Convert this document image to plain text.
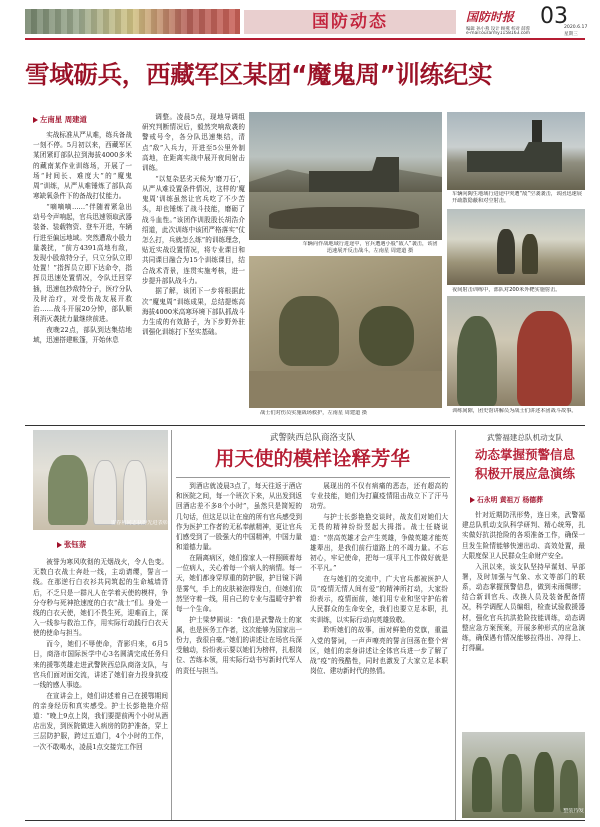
国防动态	国防时报
编辑 孙小燕 设计 顾燕 校对 薛蓉
e-mail:ourarmy1158163.com
03
2020.6.17
星期三
雪域砺兵，西藏军区某团“魔鬼周”训练纪实
左南星 周建道

实战标准从严从难，练兵备战一刻不停。5月初以来，西藏军区某团紧盯部队拉到海拔4000多米的藏南某作业训练场，开展了一场“时间长、难度大”的“魔鬼周”训练，从严从难锤炼了部队高寒缺氧条件下的备战打仗能力。

“嘀嘀嘀……”伴随着紧急出动号令声响起，官兵迅速领取武器装备、装载物资、登车开进，车辆行进至偏远地域。突然遭敌小股力量袭扰，“前方4391高地有敌，发现小股敌特分子，只立分队立即处置！”指挥员立即下达命令，指挥员迅速处置情况，令队迁回穿插，迅速包抄敌特分子，医疗分队及时治疗，对受伤战友展开救治……战斗开展20分钟，部队顺利消灭袭扰力量继续前进。

夜晚22点，部队到达集结地域，迅速搭建帐篷，开始休息

调整。凌晨5点，现地导调组研究判断情况后，毅然突响敌袭的警戒号令，各分队迅速集结，清点“敌”入兵力，开进至5公里外制高地，在距离实战中展开夜间射击训练。

“以复杂恶劣天候为‘磨刀石’，从严从难设置条件情况，这样的‘魔鬼周’训练虽然让官兵吃了不少苦头，却也锤炼了战斗技能，磨砺了战斗血性。”该团作训股股长胡浩介绍道，此次训练中该团严格落实“仗怎么打，兵就怎么练”的训练理念，贴近实战设置情况，将专业课目和共同课目融合为15个训练课目，结合战术背景，连贯实施考核，进一步提升部队战斗力。

据了解，该团下一步将根据此次“魔鬼周”训练成果，总结提炼高海拔4000米高寒环境下部队抓战斗力生成的有效路子，为下步野外驻训强化训练打下坚实基础。

车辆向作战地域行进途中，官兵遭遇小股“敌人”袭击，该团迅速展开反击战斗。左南星 周建道 摄
战士们对伤员实施战场救护，左南星 周建道 摄
车辆向陶生地域行进途中突遭“敌”空袭袭击，该团迅速展开疏散隐蔽和对空射击。
夜间射击训练中，部队对200米外靶实施射击。
训练间隙，团史馆讲解员为战士们讲述本团战斗故事。
雷春利同志获得先进表彰
张钰萘

被誉为寒风吹彻的无烟战火，令人色变。无数白衣战士奔赴一线，主动请缨，誓言一线。在那逆行白衣衫共同筑起的生命城墙背后，不乏只是一群凡人在学着天使的模样，争分夺秒与死神抢速度的白衣“战士”们。身处一线的白衣天使，她们不畏生死，迎难而上，深入一线参与救治工作，用实际行动践行白衣天使的使命与担当。

而今，她们不辱使命，背影归来，6月5日，商洛市国际医学中心3名圆满完成任务归来的援鄂英雄走进武警陕西总队商洛支队，与官兵们面对面交流，讲述了她们奋力投身抗疫一线的感人事迹。

在宣讲会上，她们讲述着自己在援鄂期间的亲身经历和真实感受。护士长彭艳艳介绍道：“晚上9点上岗，我们要提前两个小时从酒店出发，到医院做进入病房的防护准备，穿上三层防护服，跨过五道门，4个小时的工作，一次不敢喝水，凌晨1点交接完工作回

武警陕西总队商洛支队
用天使的模样诠释芳华

到酒店就凌晨3点了，每天往返于酒店和医院之间，每一个班次下来，从出发到返回酒店差不多8个小时”，虽然只是简短的几句话，但这足以让在座的所有官兵感受到作为医护工作者的无私奉献精神，更让官兵们感受到了一股强大的中国精神，中国力量和道德力量。

在隔离病区，她们像家人一样照顾着每一位病人，关心着每一个病人的病情。每一天，她们都身穿厚重的防护服，护目镜下满是雾气，手上的皮肤被泡得发白，但她们依然坚守着一线，用自己的专业与温暖守护着每一个生命。

护士梁梦圆说：“我们是武警战士的家属，也是医务工作者，这次能够为国家出一份力，我很自豪。”她们的讲述让在场官兵深受触动，纷纷表示要以她们为榜样，扎根岗位、苦练本领，用实际行动书写新时代军人的责任与担当。

展现出的不仅有病痛的恶态，还有超高的专业技能，她们为打赢疫情阻击战立下了汗马功劳。

与护士长彭艳艳交谈时，战友们对她们大无畏的精神纷纷竖起大拇指。战士任晓说道：“崇高英雄才会产生英雄，争做英雄才能英雄辈出，是我们前行道路上的不竭力量。不忘初心，牢记使命，把每一项平凡工作做好就是不平凡。”

在与她们的交流中，广大官兵都被医护人员“疫情无情人间有爱”的精神所打动，大家纷纷表示，疫情面前，她们用专业和坚守护佑着人民群众的生命安全，我们也要立足本职，扎实训练，以实际行动向英雄致敬。

聆听她们的故事，面对鲜艳的党旗，重温入党的誓词，一声声嘹亮的誓言回荡在整个营区，她们的亲身讲述让全体官兵进一步了解了战“疫”的残酷性，同时也激发了大家立足本职岗位、建功新时代的热情。

武警福建总队机动支队
动态掌握预警信息
积极开展应急演练
石永明 黄祖万 杨德葬

针对近期防汛形势，连日来，武警福建总队机动支队科学研判、精心统筹，扎实做好抗洪抢险的各项准备工作，确保一旦发生险情能够快速出动、高效处置，最大限度保卫人民群众生命财产安全。

入汛以来，该支队坚持早谋划、早部署，及时加强与气象、水文等部门的联系，动态掌握预警信息，做到未雨绸缪；结合新训官兵、改换人员及装备配备情况，科学调配人员编组，检查试验救援器材，强化官兵抗洪抢险技能训练，动态调整应急方案预案，开展多种形式的应急演练，确保遇有情况能够拉得出、冲得上、打得赢。

整装待发
